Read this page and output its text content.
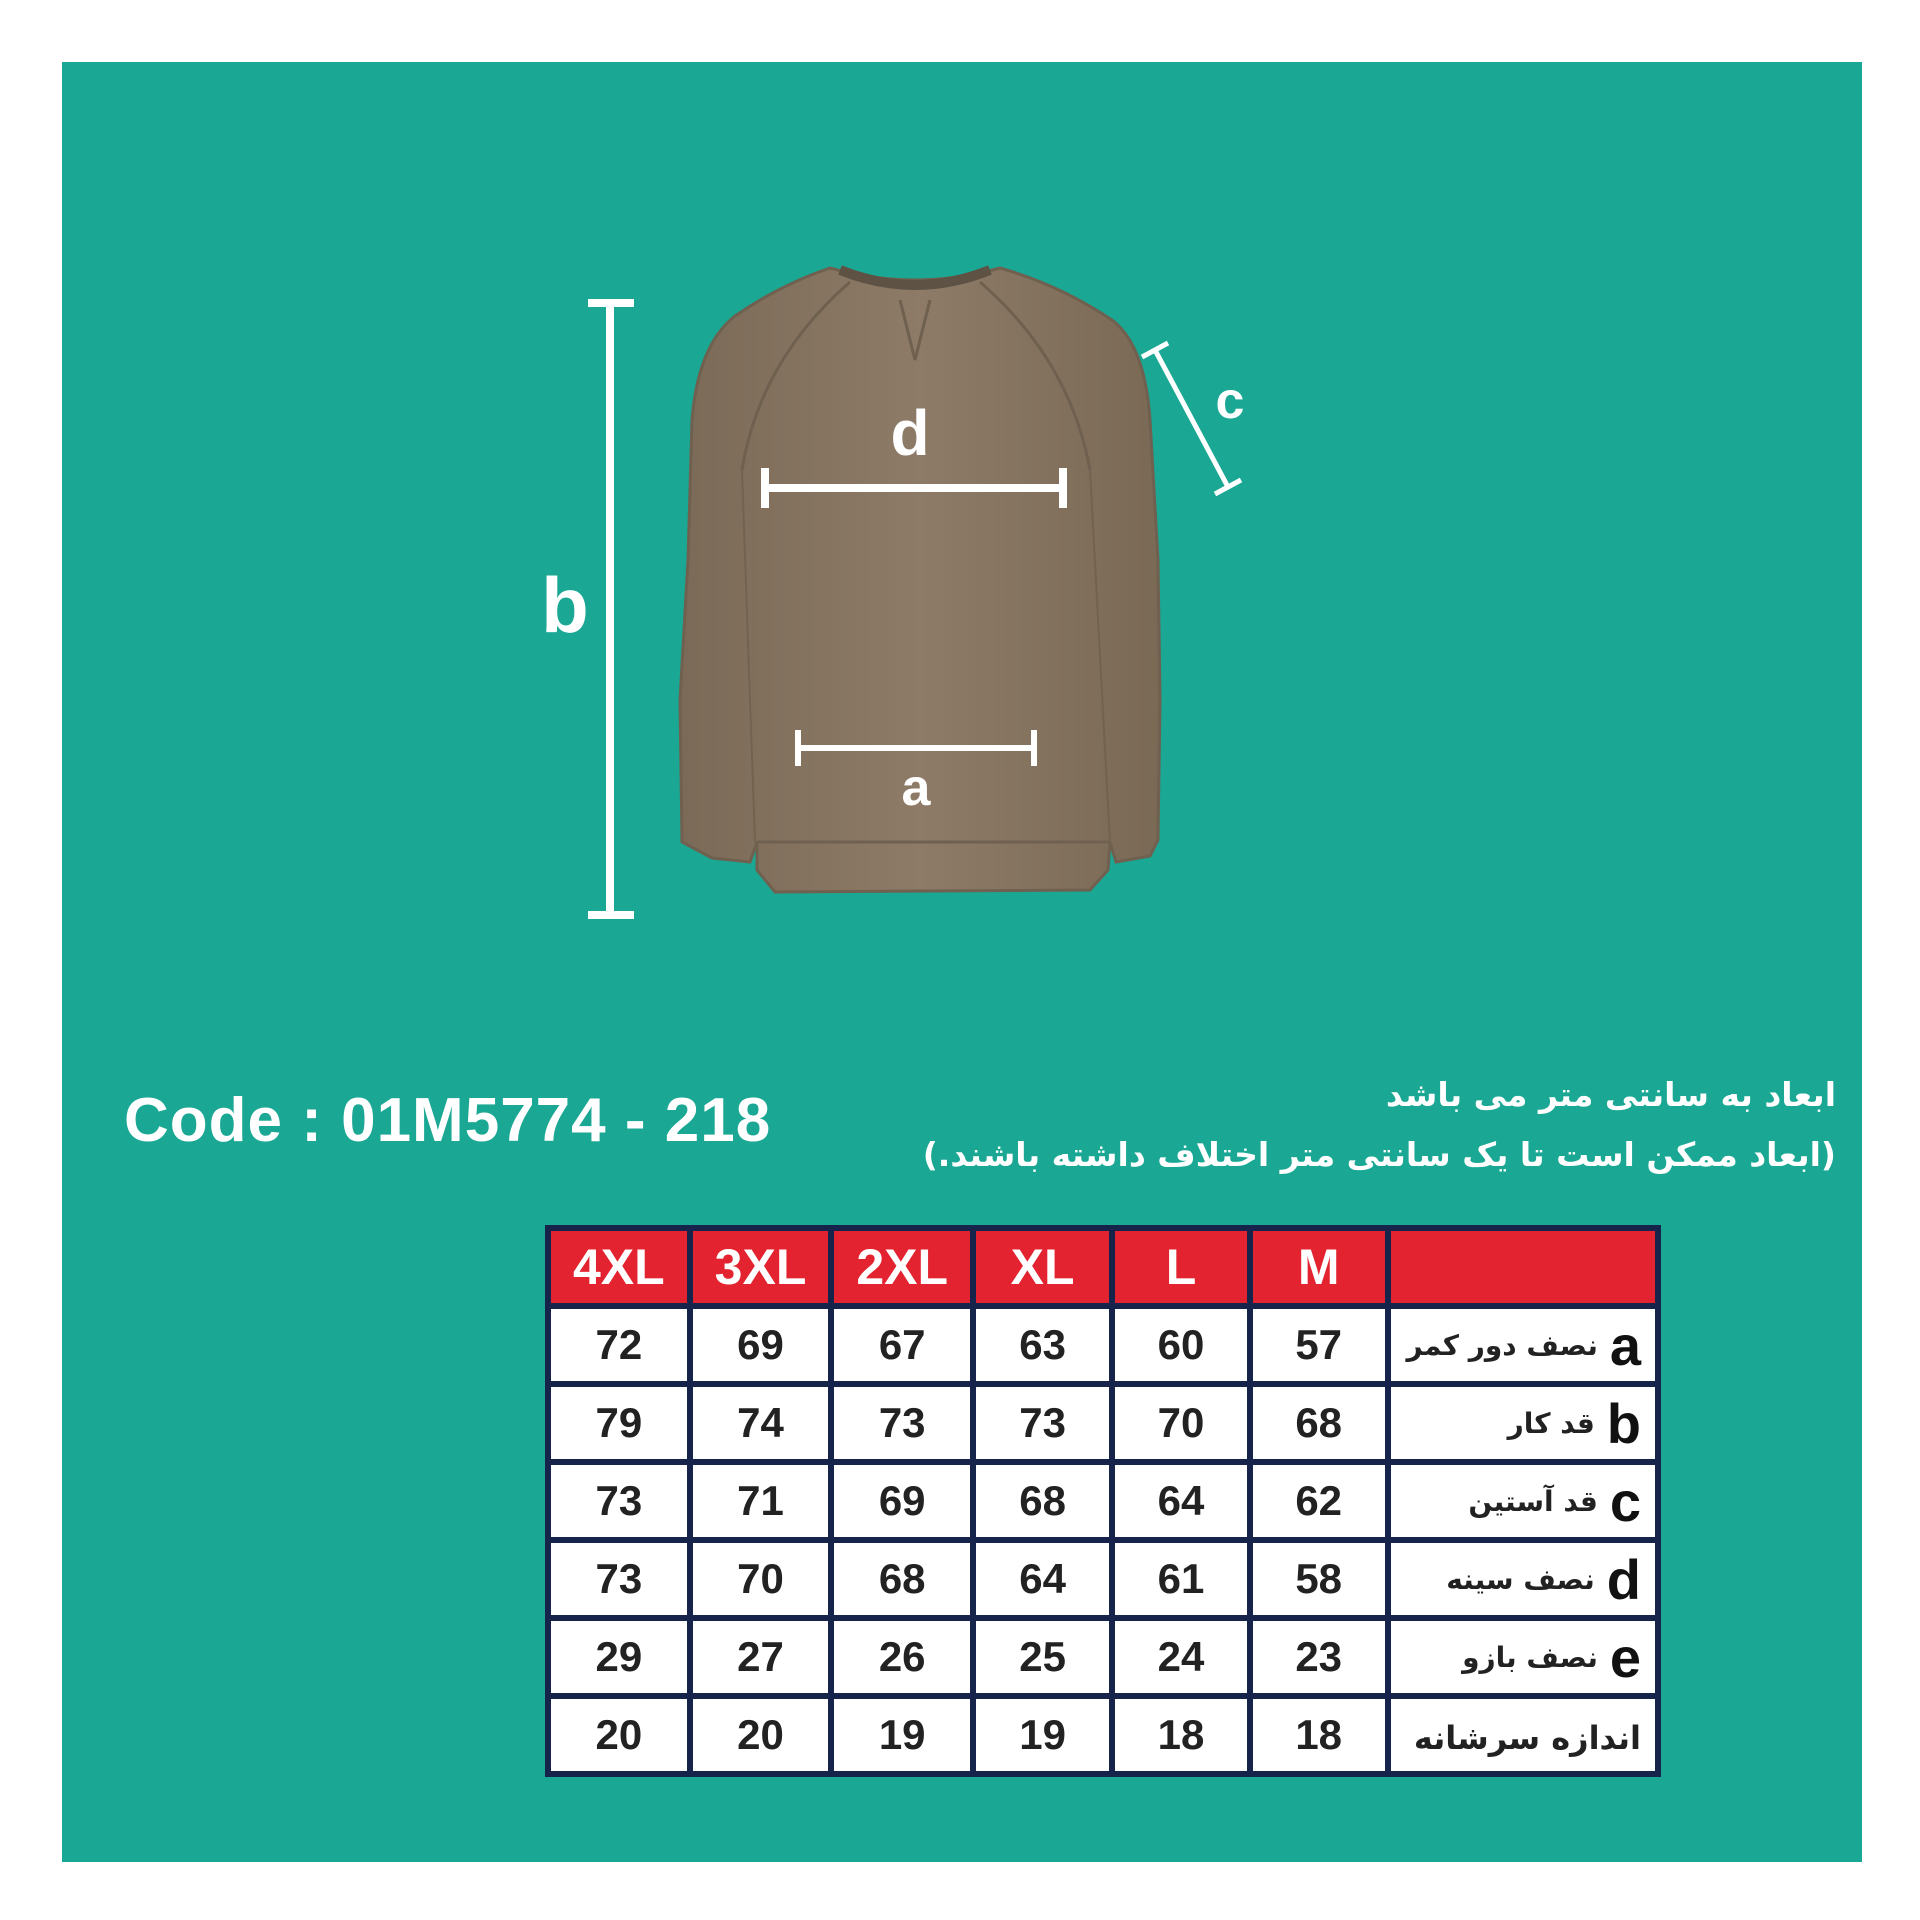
b
d
a
c
Code : 01M5774 - 218	ابعاد به سانتی متر می باشد
(ابعاد ممکن است تا یک سانتی متر اختلاف داشته باشند.)
4XL	3XL	2XL	XL	L	M	
72	69	67	63	60	57	نصف دور کمر a
79	74	73	73	70	68	قد کار b
73	71	69	68	64	62	قد آستین c
73	70	68	64	61	58	نصف سینه d
29	27	26	25	24	23	نصف بازو e
20	20	19	19	18	18	اندازه سرشانه
